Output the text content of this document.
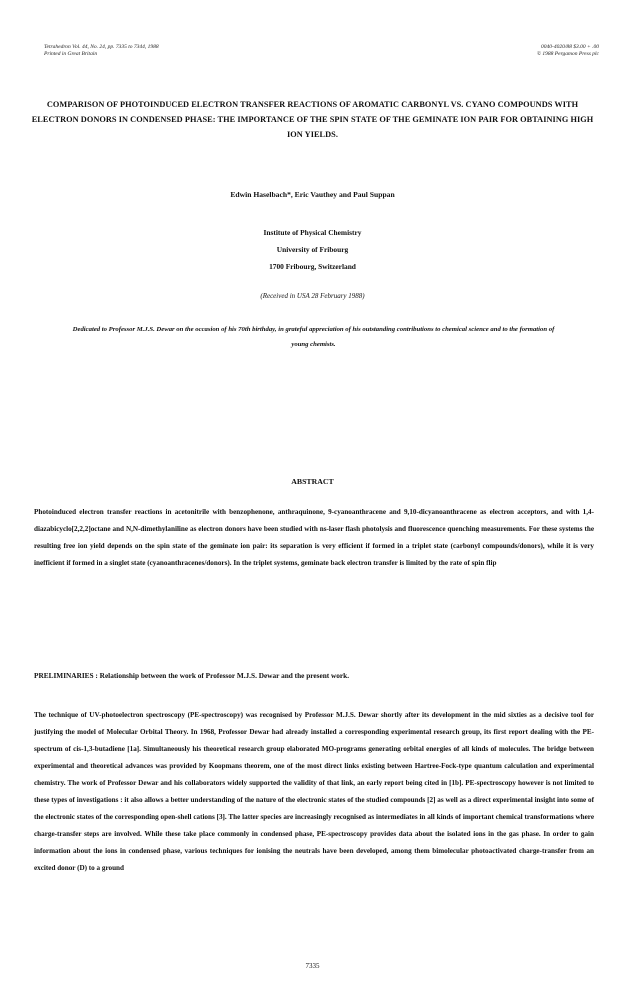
Tetrahedron Vol. 44, No. 24, pp. 7335 to 7344, 1988
Printed in Great Britain
0040-4020/88 $3.00 + .00
© 1988 Pergamon Press plc
COMPARISON OF PHOTOINDUCED ELECTRON TRANSFER REACTIONS OF AROMATIC CARBONYL VS. CYANO COMPOUNDS WITH ELECTRON DONORS IN CONDENSED PHASE: THE IMPORTANCE OF THE SPIN STATE OF THE GEMINATE ION PAIR FOR OBTAINING HIGH ION YIELDS.
Edwin Haselbach*, Eric Vauthey and Paul Suppan
Institute of Physical Chemistry
University of Fribourg
1700 Fribourg, Switzerland
(Received in USA 28 February 1988)
Dedicated to Professor M.J.S. Dewar on the occasion of his 70th birthday, in grateful appreciation of his outstanding contributions to chemical science and to the formation of young chemists.
ABSTRACT
Photoinduced electron transfer reactions in acetonitrile with benzophenone, anthraquinone, 9-cyanoanthracene and 9,10-dicyanoanthracene as electron acceptors, and with 1,4-diazabicyclo[2,2,2]octane and N,N-dimethylaniline as electron donors have been studied with ns-laser flash photolysis and fluorescence quenching measurements. For these systems the resulting free ion yield depends on the spin state of the geminate ion pair: its separation is very efficient if formed in a triplet state (carbonyl compounds/donors), while it is very inefficient if formed in a singlet state (cyanoanthracenes/donors). In the triplet systems, geminate back electron transfer is limited by the rate of spin flip
PRELIMINARIES : Relationship between the work of Professor M.J.S. Dewar and the present work.
The technique of UV-photoelectron spectroscopy (PE-spectroscopy) was recognised by Professor M.J.S. Dewar shortly after its development in the mid sixties as a decisive tool for justifying the model of Molecular Orbital Theory. In 1968, Professor Dewar had already installed a corresponding experimental research group, its first report dealing with the PE-spectrum of cis-1,3-butadiene [1a]. Simultaneously his theoretical research group elaborated MO-programs generating orbital energies of all kinds of molecules. The bridge between experimental and theoretical advances was provided by Koopmans theorem, one of the most direct links existing between Hartree-Fock-type quantum calculation and experimental chemistry. The work of Professor Dewar and his collaborators widely supported the validity of that link, an early report being cited in [1b]. PE-spectroscopy however is not limited to these types of investigations : it also allows a better understanding of the nature of the electronic states of the studied compounds [2] as well as a direct experimental insight into some of the electronic states of the corresponding open-shell cations [3]. The latter species are increasingly recognised as intermediates in all kinds of important chemical transformations where charge-transfer steps are involved. While these take place commonly in condensed phase, PE-spectroscopy provides data about the isolated ions in the gas phase. In order to gain information about the ions in condensed phase, various techniques for ionising the neutrals have been developed, among them bimolecular photoactivated charge-transfer from an excited donor (D) to a ground
7335
